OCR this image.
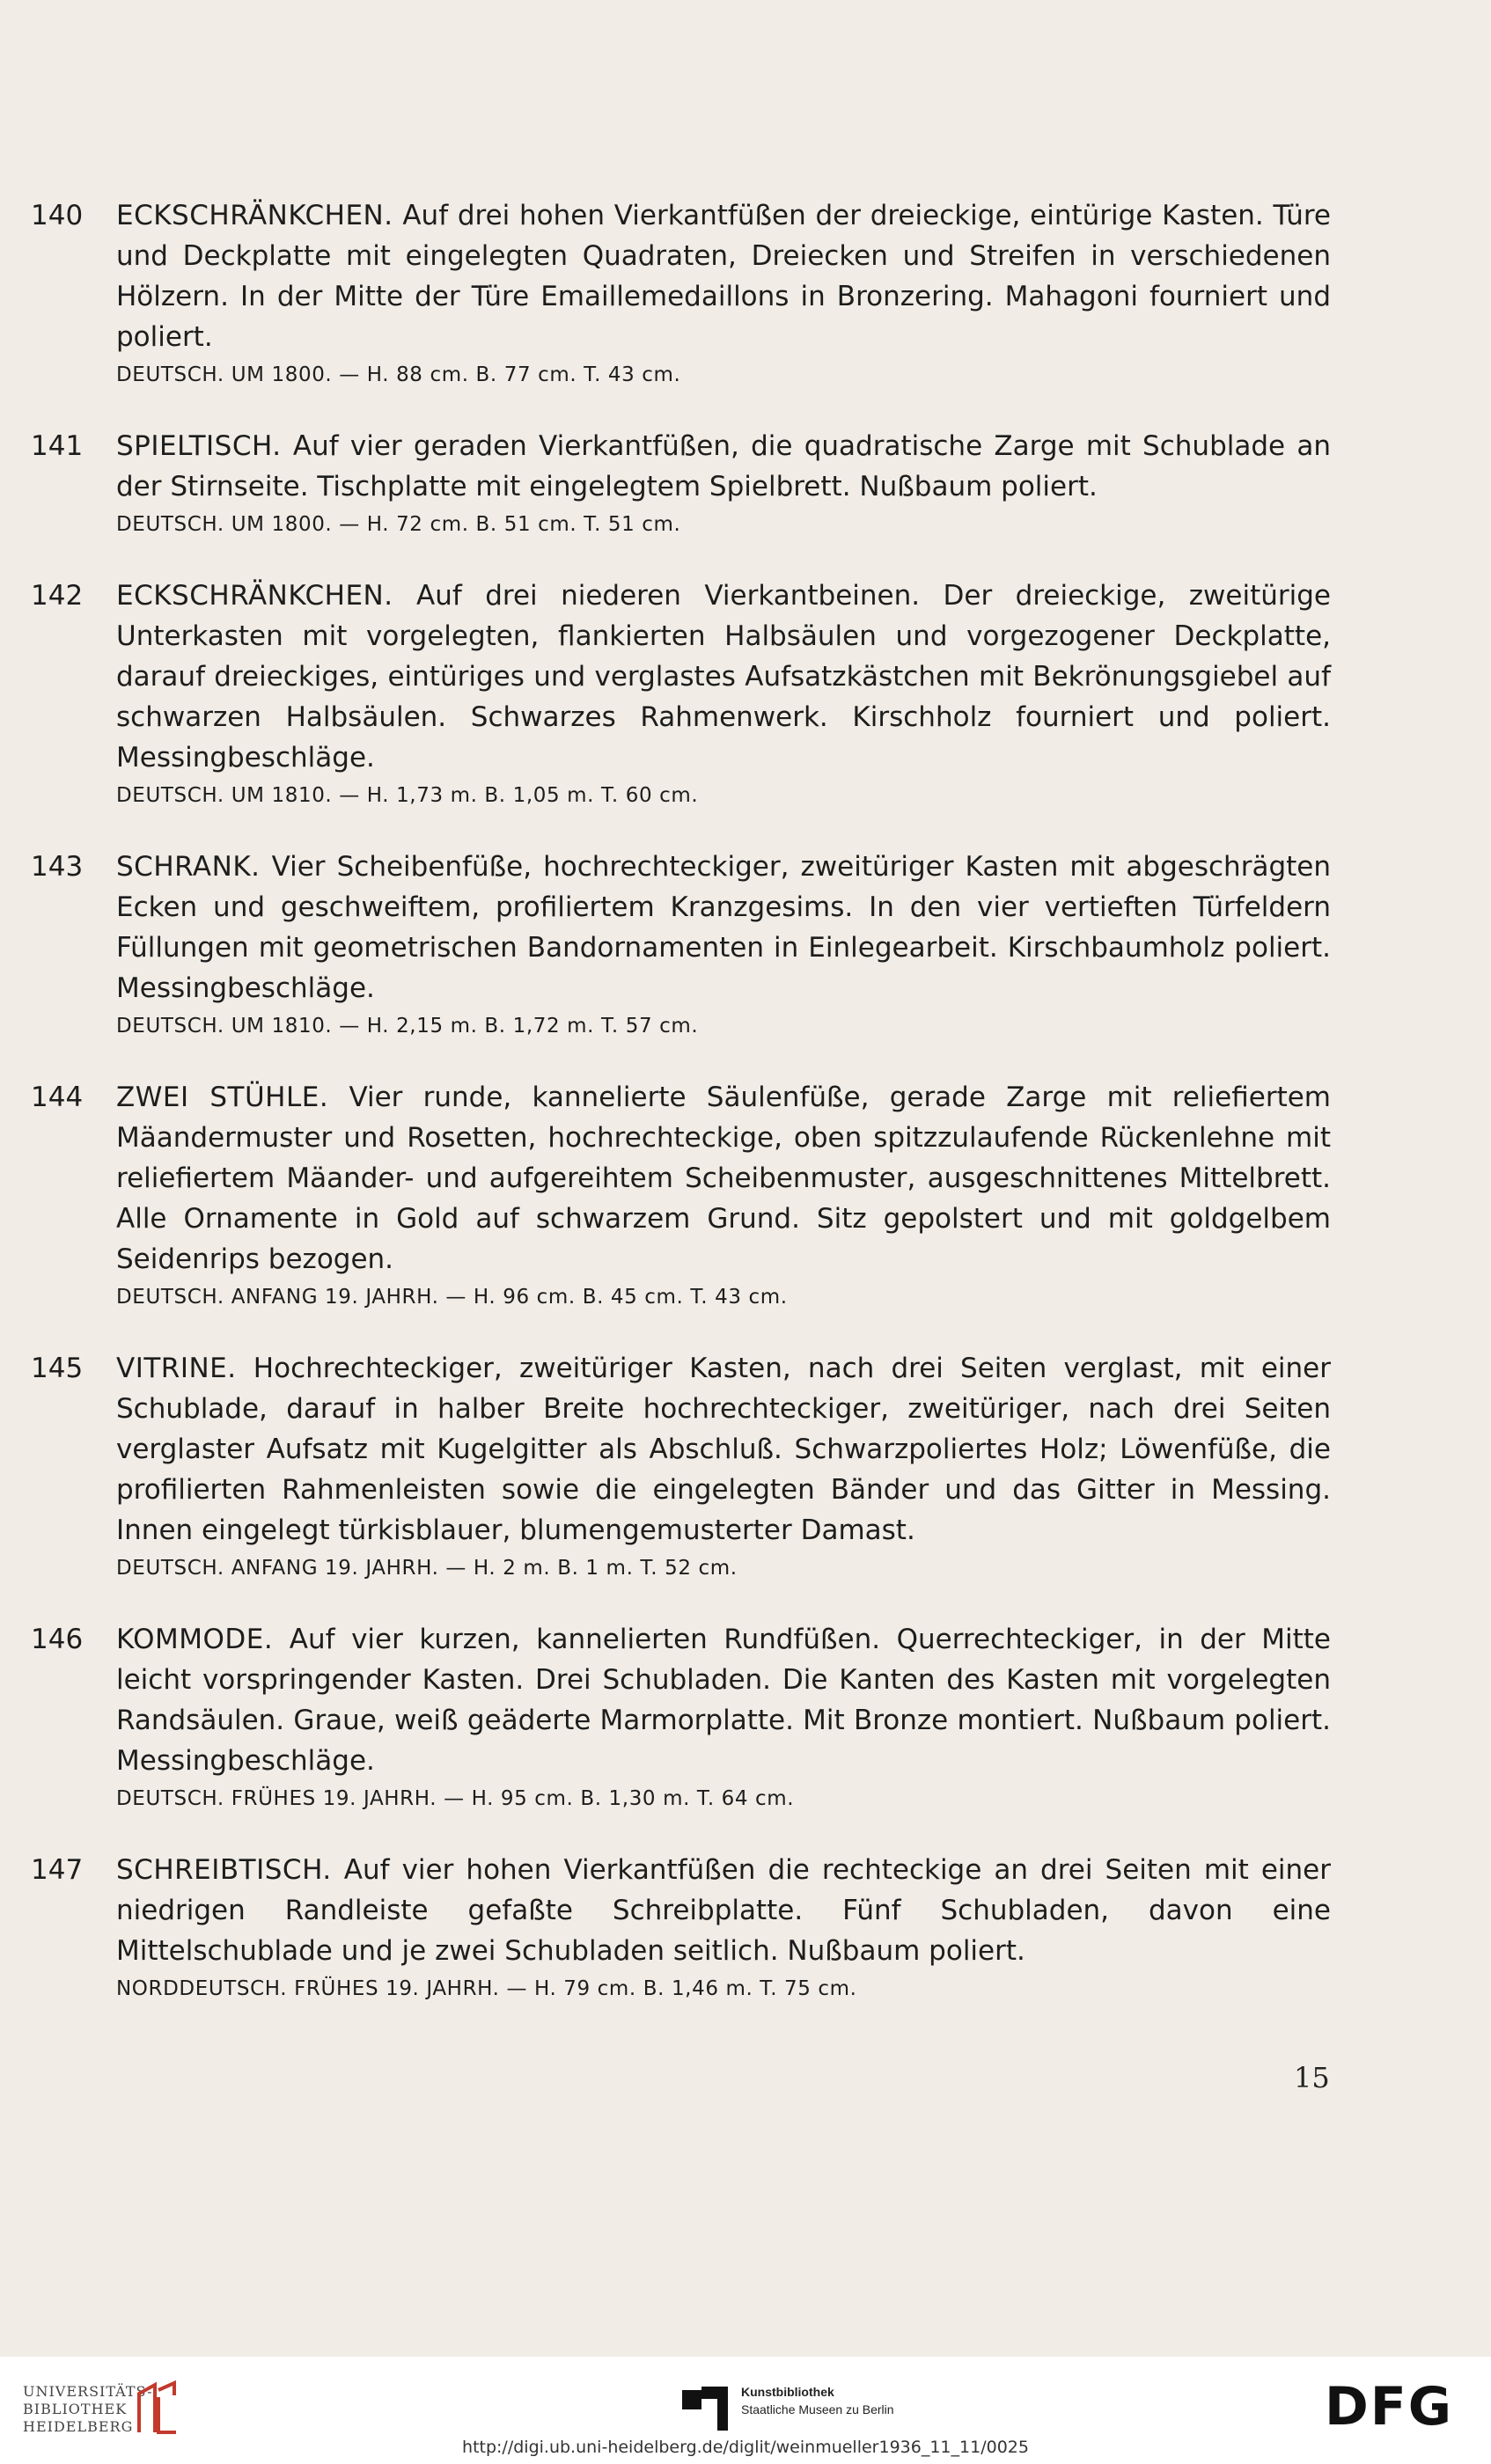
140	ECKSCHRÄNKCHEN. Auf drei hohen Vierkantfüßen der dreieckige, eintürige Kasten. Türe und Deckplatte mit eingelegten Quadraten, Dreiecken und Streifen in verschiedenen Hölzern. In der Mitte der Türe Emaillemedaillons in Bronzering. Mahagoni fourniert und poliert.

DEUTSCH. UM 1800. — H. 88 cm. B. 77 cm. T. 43 cm.
141	SPIELTISCH. Auf vier geraden Vierkantfüßen, die quadratische Zarge mit Schublade an der Stirnseite. Tischplatte mit eingelegtem Spielbrett. Nußbaum poliert.

DEUTSCH. UM 1800. — H. 72 cm. B. 51 cm. T. 51 cm.
142	ECKSCHRÄNKCHEN. Auf drei niederen Vierkantbeinen. Der dreieckige, zweitürige Unterkasten mit vorgelegten, flankierten Halbsäulen und vorgezogener Deckplatte, darauf dreieckiges, eintüriges und verglastes Aufsatzkästchen mit Bekrönungsgiebel auf schwarzen Halbsäulen. Schwarzes Rahmenwerk. Kirschholz fourniert und poliert. Messingbeschläge.

DEUTSCH. UM 1810. — H. 1,73 m. B. 1,05 m. T. 60 cm.
143	SCHRANK. Vier Scheibenfüße, hochrechteckiger, zweitüriger Kasten mit abgeschrägten Ecken und geschweiftem, profiliertem Kranzgesims. In den vier vertieften Türfeldern Füllungen mit geometrischen Bandornamenten in Einlegearbeit. Kirschbaumholz poliert. Messingbeschläge.

DEUTSCH. UM 1810. — H. 2,15 m. B. 1,72 m. T. 57 cm.
144	ZWEI STÜHLE. Vier runde, kannelierte Säulenfüße, gerade Zarge mit reliefiertem Mäandermuster und Rosetten, hochrechteckige, oben spitzzulaufende Rückenlehne mit reliefiertem Mäander- und aufgereihtem Scheibenmuster, ausgeschnittenes Mittelbrett. Alle Ornamente in Gold auf schwarzem Grund. Sitz gepolstert und mit goldgelbem Seidenrips bezogen.

DEUTSCH. ANFANG 19. JAHRH. — H. 96 cm. B. 45 cm. T. 43 cm.
145	VITRINE. Hochrechteckiger, zweitüriger Kasten, nach drei Seiten verglast, mit einer Schublade, darauf in halber Breite hochrechteckiger, zweitüriger, nach drei Seiten verglaster Aufsatz mit Kugelgitter als Abschluß. Schwarzpoliertes Holz; Löwenfüße, die profilierten Rahmenleisten sowie die eingelegten Bänder und das Gitter in Messing. Innen eingelegt türkisblauer, blumengemusterter Damast.

DEUTSCH. ANFANG 19. JAHRH. — H. 2 m. B. 1 m. T. 52 cm.
146	KOMMODE. Auf vier kurzen, kannelierten Rundfüßen. Querrechteckiger, in der Mitte leicht vorspringender Kasten. Drei Schubladen. Die Kanten des Kasten mit vorgelegten Randsäulen. Graue, weiß geäderte Marmorplatte. Mit Bronze montiert. Nußbaum poliert. Messingbeschläge.

DEUTSCH. FRÜHES 19. JAHRH. — H. 95 cm. B. 1,30 m. T. 64 cm.
147	SCHREIBTISCH. Auf vier hohen Vierkantfüßen die rechteckige an drei Seiten mit einer niedrigen Randleiste gefaßte Schreibplatte. Fünf Schubladen, davon eine Mittelschublade und je zwei Schubladen seitlich. Nußbaum poliert.

NORDDEUTSCH. FRÜHES 19. JAHRH. — H. 79 cm. B. 1,46 m. T. 75 cm.
15
UNIVERSITÄTS-
BIBLIOTHEK
HEIDELBERG
Kunstbibliothek
Staatliche Museen zu Berlin	DFG
http://digi.ub.uni-heidelberg.de/diglit/weinmueller1936_11_11/0025
